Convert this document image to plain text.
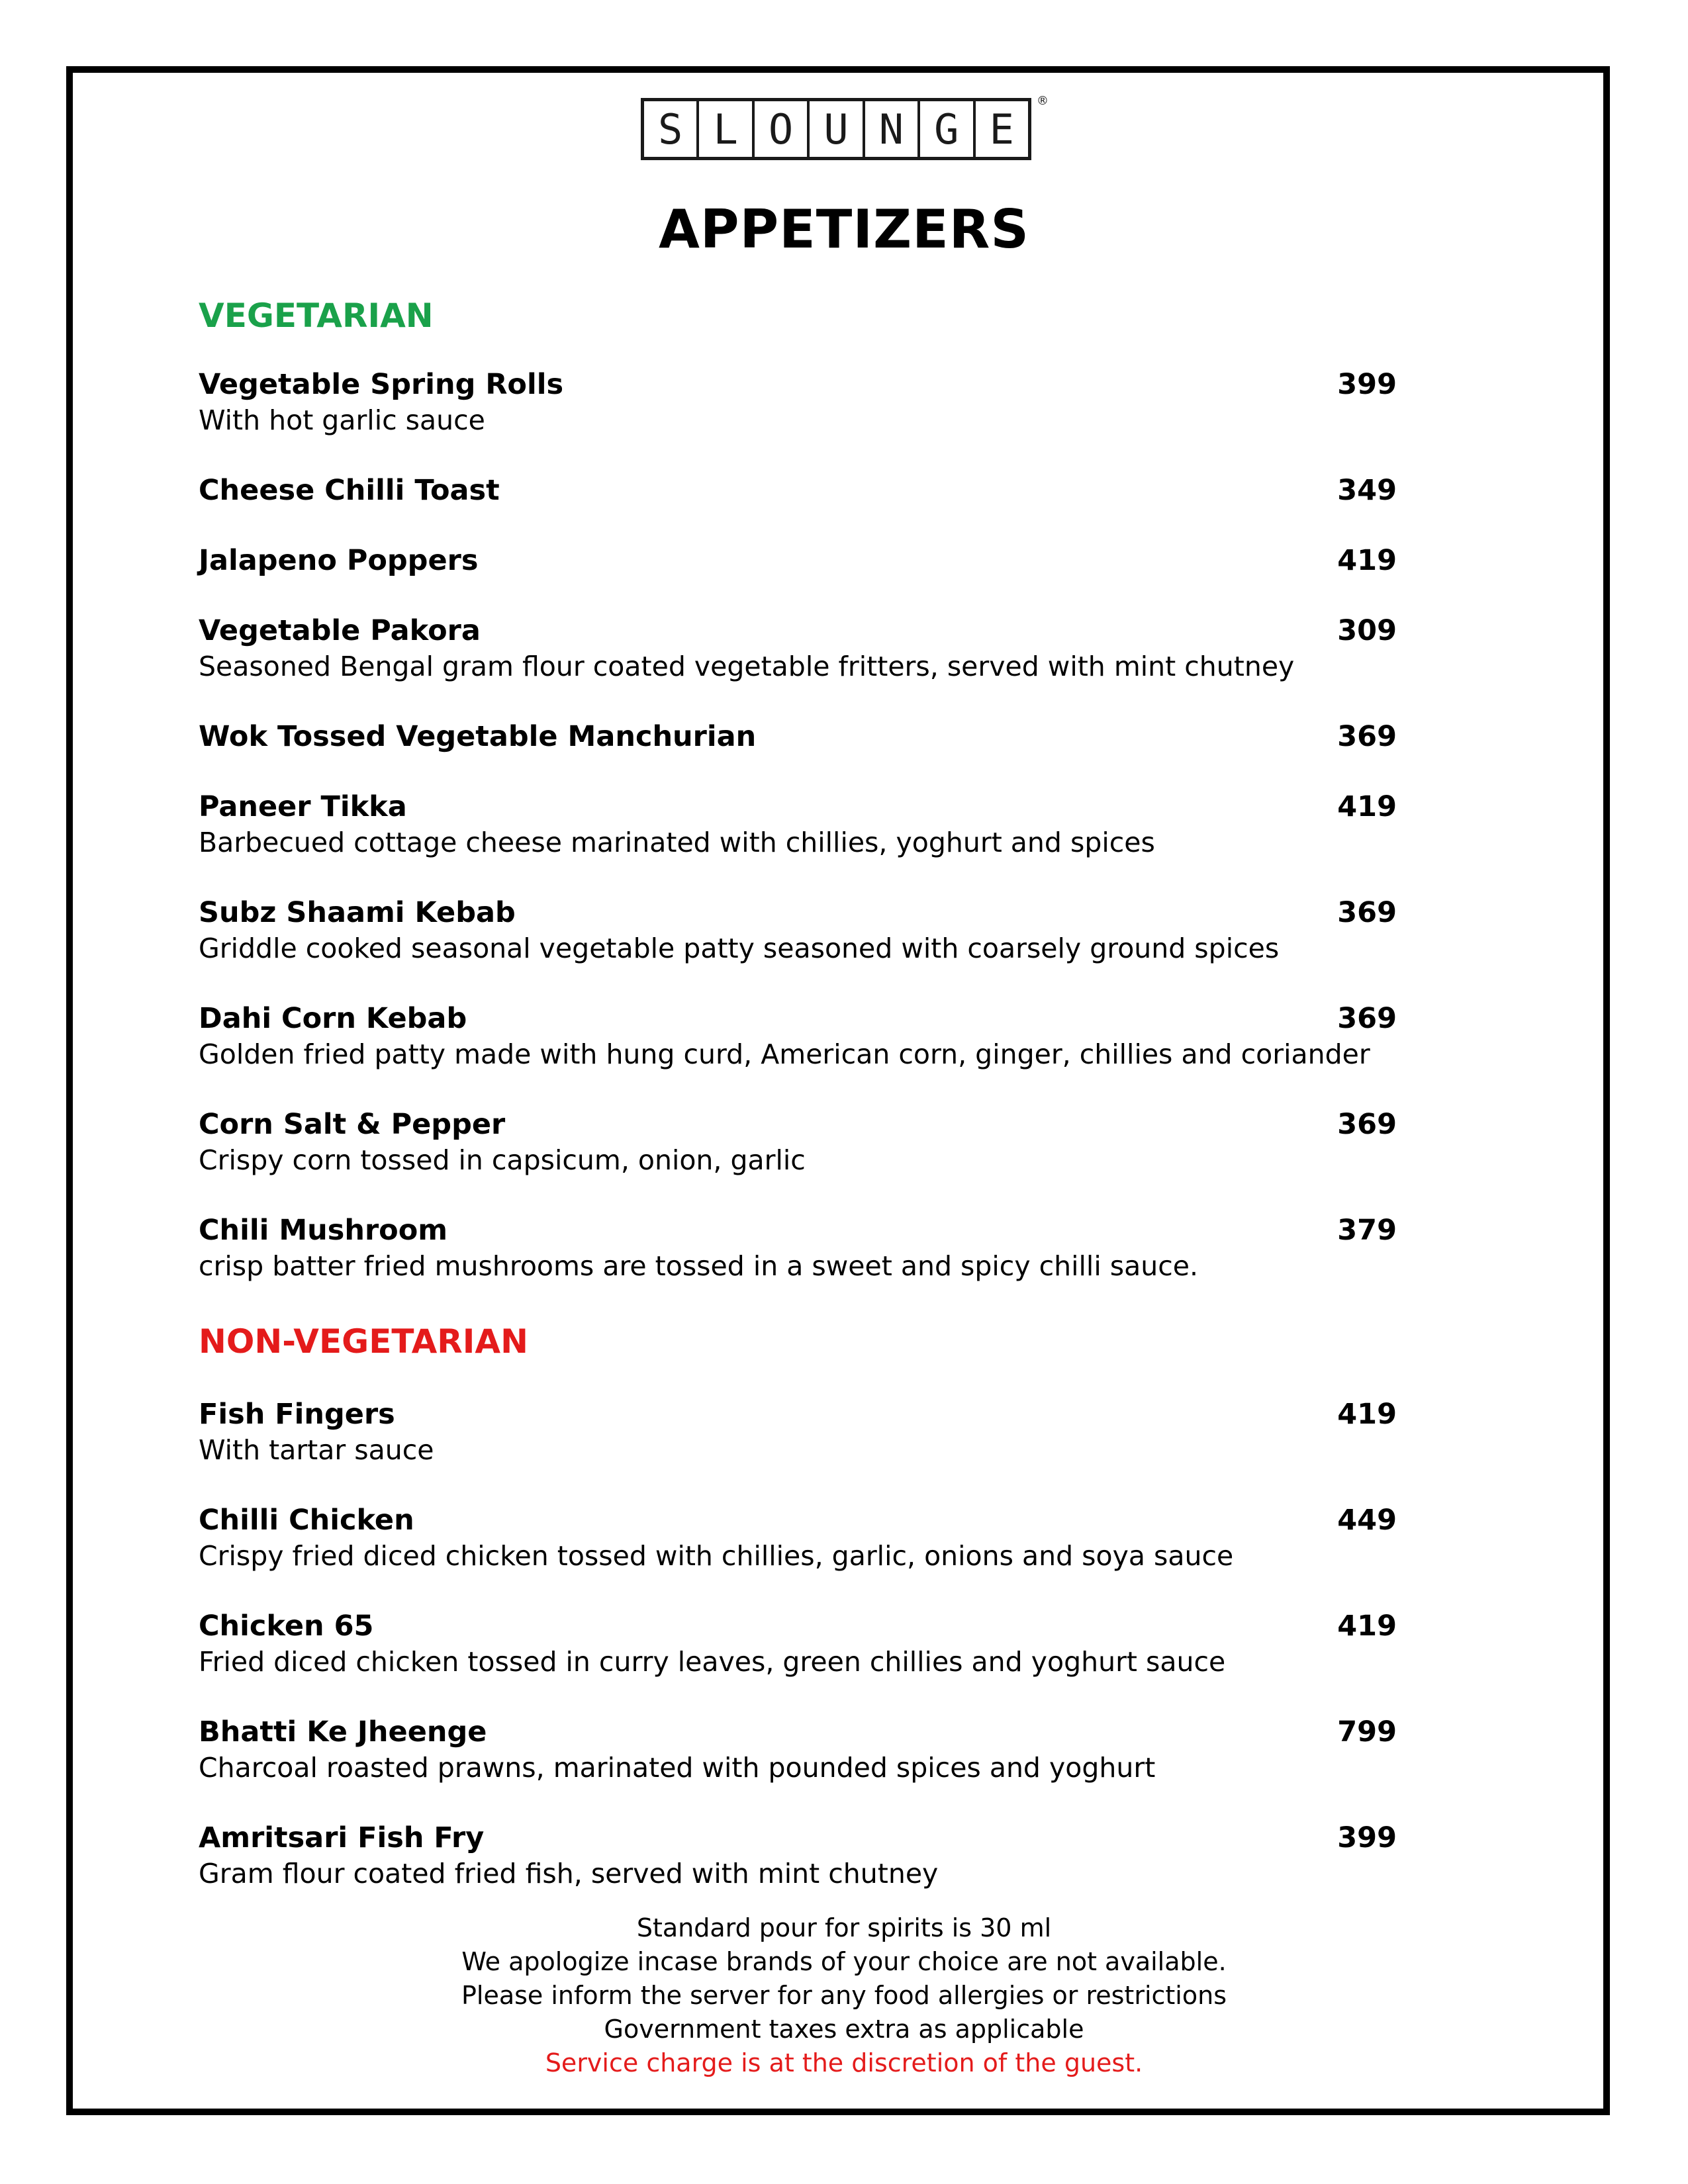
S L O U N G E
®
APPETIZERS
VEGETARIAN
Vegetable Spring Rolls	399
With hot garlic sauce
Cheese Chilli Toast	349
Jalapeno Poppers	419
Vegetable Pakora	309
Seasoned Bengal gram flour coated vegetable fritters, served with mint chutney
Wok Tossed Vegetable Manchurian	369
Paneer Tikka	419
Barbecued cottage cheese marinated with chillies, yoghurt and spices
Subz Shaami Kebab	369
Griddle cooked seasonal vegetable patty seasoned with coarsely ground spices
Dahi Corn Kebab	369
Golden fried patty made with hung curd, American corn, ginger, chillies and coriander
Corn Salt & Pepper	369
Crispy corn tossed in capsicum, onion, garlic
Chili Mushroom	379
crisp batter fried mushrooms are tossed in a sweet and spicy chilli sauce.
NON-VEGETARIAN
Fish Fingers	419
With tartar sauce
Chilli Chicken	449
Crispy fried diced chicken tossed with chillies, garlic, onions and soya sauce
Chicken 65	419
Fried diced chicken tossed in curry leaves, green chillies and yoghurt sauce
Bhatti Ke Jheenge	799
Charcoal roasted prawns, marinated with pounded spices and yoghurt
Amritsari Fish Fry	399
Gram flour coated fried fish, served with mint chutney
Standard pour for spirits is 30 ml
We apologize incase brands of your choice are not available.
Please inform the server for any food allergies or restrictions
Government taxes extra as applicable
Service charge is at the discretion of the guest.
